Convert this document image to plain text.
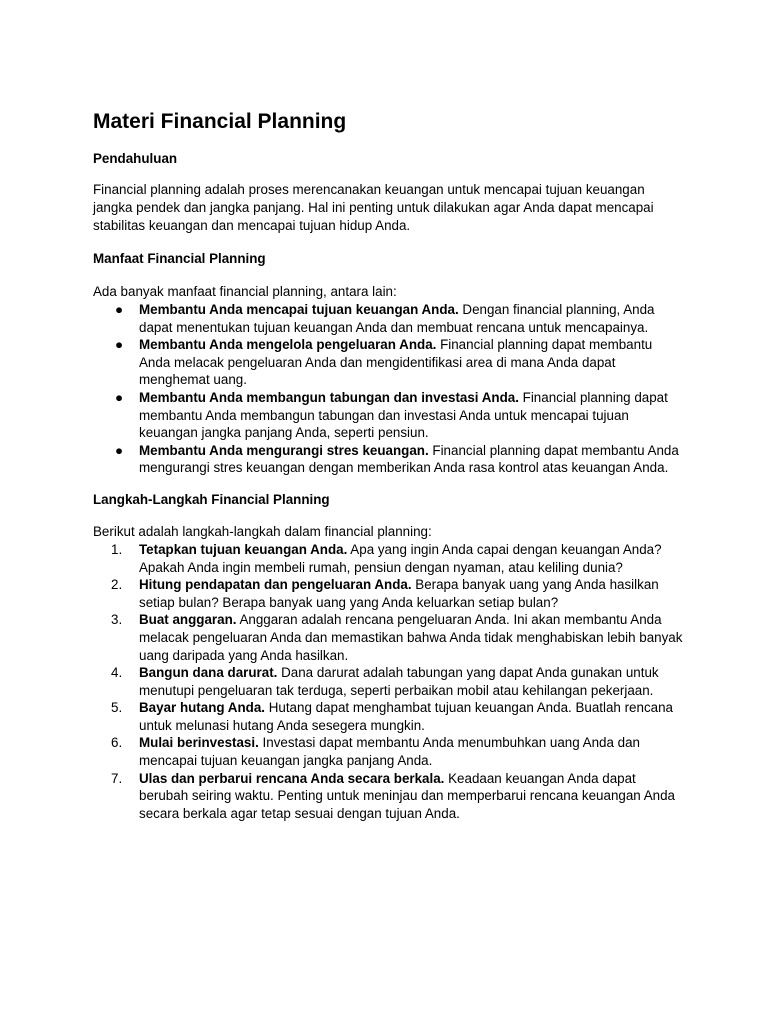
Materi Financial Planning
Pendahuluan

Financial planning adalah proses merencanakan keuangan untuk mencapai tujuan keuangan jangka pendek dan jangka panjang. Hal ini penting untuk dilakukan agar Anda dapat mencapai stabilitas keuangan dan mencapai tujuan hidup Anda.

Manfaat Financial Planning

Ada banyak manfaat financial planning, antara lain:

●	Membantu Anda mencapai tujuan keuangan Anda. Dengan financial planning, Anda dapat menentukan tujuan keuangan Anda dan membuat rencana untuk mencapainya.
●	Membantu Anda mengelola pengeluaran Anda. Financial planning dapat membantu Anda melacak pengeluaran Anda dan mengidentifikasi area di mana Anda dapat menghemat uang.
●	Membantu Anda membangun tabungan dan investasi Anda. Financial planning dapat membantu Anda membangun tabungan dan investasi Anda untuk mencapai tujuan keuangan jangka panjang Anda, seperti pensiun.
●	Membantu Anda mengurangi stres keuangan. Financial planning dapat membantu Anda mengurangi stres keuangan dengan memberikan Anda rasa kontrol atas keuangan Anda.
Langkah-Langkah Financial Planning

Berikut adalah langkah-langkah dalam financial planning:

1.	Tetapkan tujuan keuangan Anda. Apa yang ingin Anda capai dengan keuangan Anda? Apakah Anda ingin membeli rumah, pensiun dengan nyaman, atau keliling dunia?
2.	Hitung pendapatan dan pengeluaran Anda. Berapa banyak uang yang Anda hasilkan setiap bulan? Berapa banyak uang yang Anda keluarkan setiap bulan?
3.	Buat anggaran. Anggaran adalah rencana pengeluaran Anda. Ini akan membantu Anda melacak pengeluaran Anda dan memastikan bahwa Anda tidak menghabiskan lebih banyak uang daripada yang Anda hasilkan.
4.	Bangun dana darurat. Dana darurat adalah tabungan yang dapat Anda gunakan untuk menutupi pengeluaran tak terduga, seperti perbaikan mobil atau kehilangan pekerjaan.
5.	Bayar hutang Anda. Hutang dapat menghambat tujuan keuangan Anda. Buatlah rencana untuk melunasi hutang Anda sesegera mungkin.
6.	Mulai berinvestasi. Investasi dapat membantu Anda menumbuhkan uang Anda dan mencapai tujuan keuangan jangka panjang Anda.
7.	Ulas dan perbarui rencana Anda secara berkala. Keadaan keuangan Anda dapat berubah seiring waktu. Penting untuk meninjau dan memperbarui rencana keuangan Anda secara berkala agar tetap sesuai dengan tujuan Anda.
